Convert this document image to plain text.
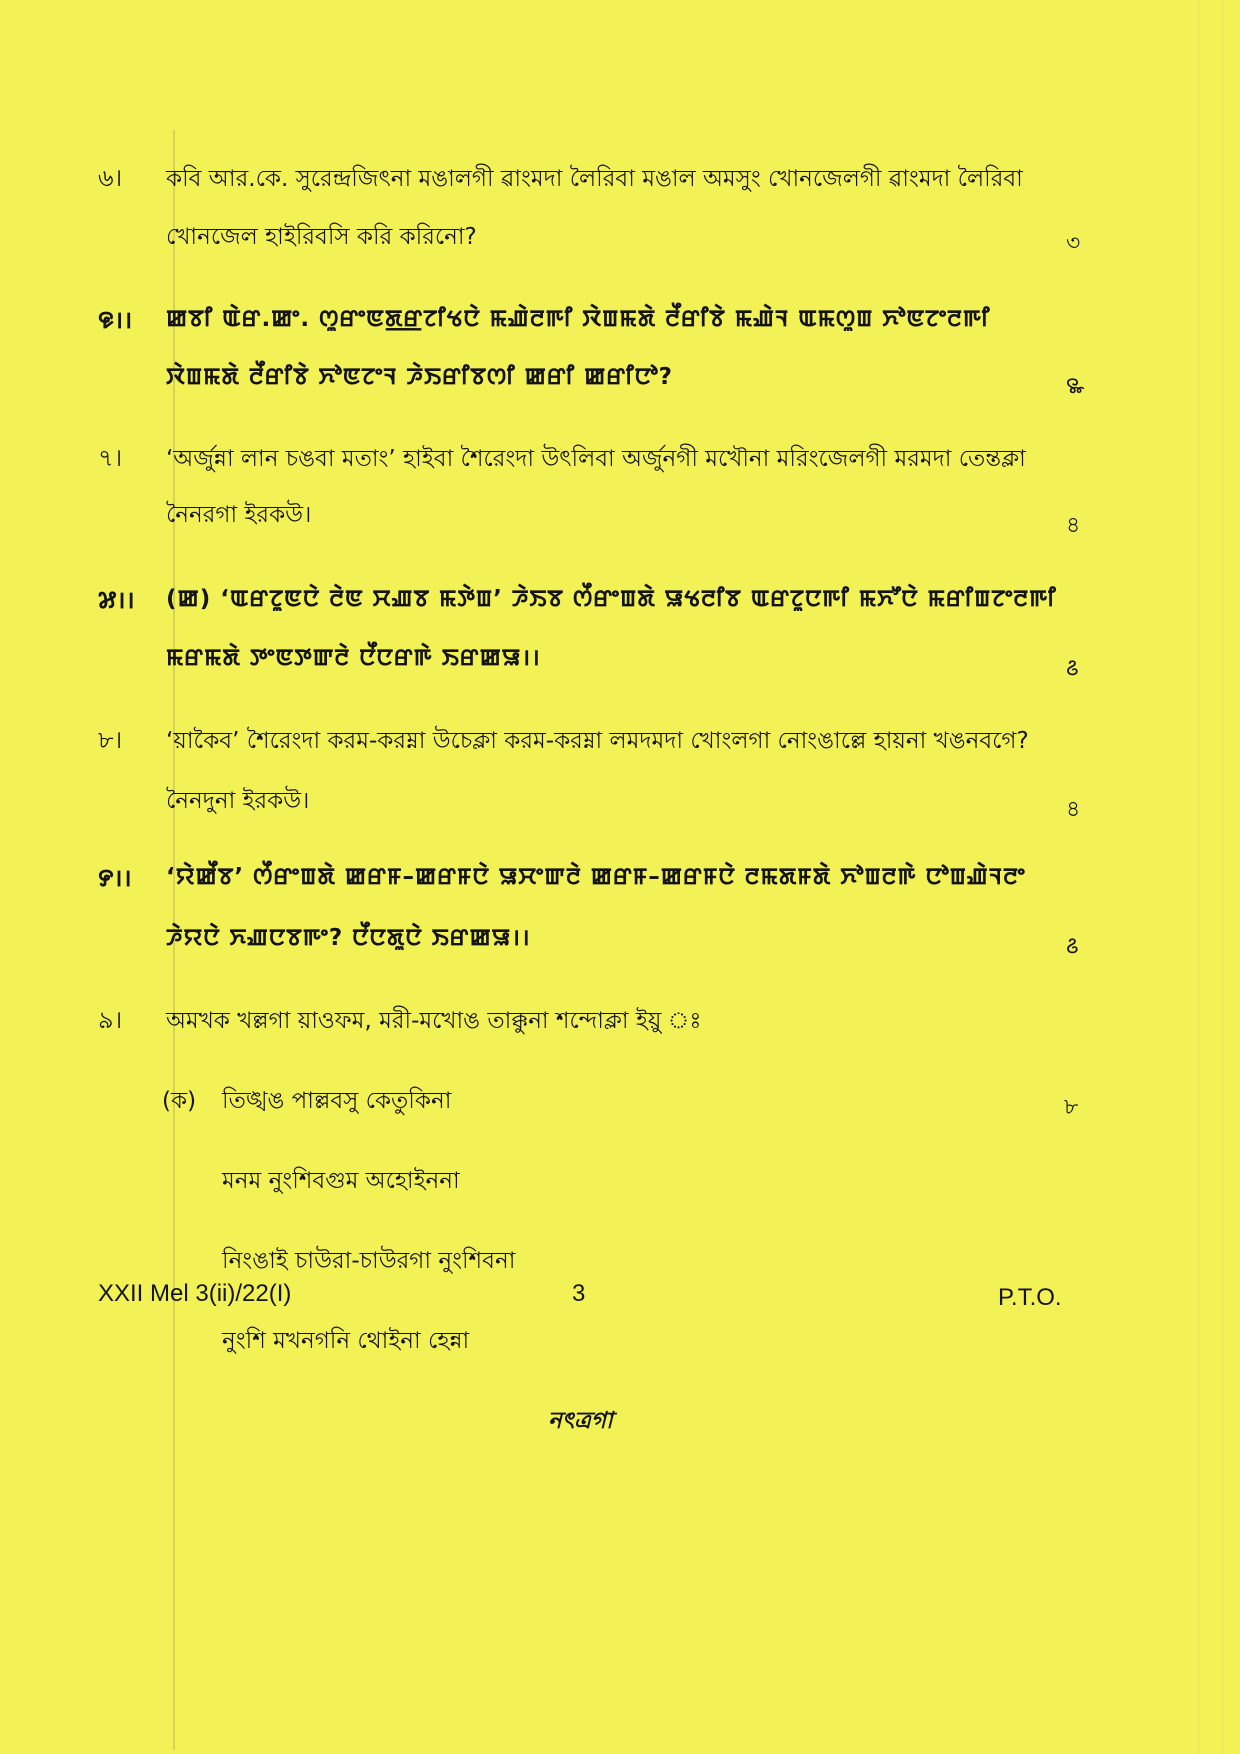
৬। কবি আর.কে. সুরেন্দ্রজিৎনা মঙালগী ৱাংমদা লৈরিবা মঙাল অমসুং খোনজেলগী ৱাংমদা লৈরিবা
খোনজেল হাইরিবসি করি করিনো?	৩
꯶।। ꯀꯕꯤ ꯑꯥꯔ.ꯀꯦ. ꯁꯨꯔꯦꯟꯗ꯭ꯔꯖꯤꯠꯅꯥ ꯃꯉꯥꯂꯒꯤ ꯋꯥꯡꯃꯗꯥ ꯂꯩꯔꯤꯕꯥ ꯃꯉꯥꯜ ꯑꯃꯁꯨꯡ ꯈꯣꯟꯖꯦꯂꯒꯤ
ꯋꯥꯡꯃꯗꯥ ꯂꯩꯔꯤꯕꯥ ꯈꯣꯟꯖꯦꯜ ꯍꯥꯏꯔꯤꯕꯁꯤ ꯀꯔꯤ ꯀꯔꯤꯅꯣ?	꯳
৭। ‘অর্জুন্না লান চঙবা মতাং’ হাইবা শৈরেংদা উৎলিবা অর্জুনগী মখৌনা মরিংজেলগী মরমদা তেন্তক্লা
নৈনরগা ইরকউ।	৪
꯷।। (ꯀ) ‘ꯑꯔꯖꯨꯟꯅꯥ ꯂꯥꯟ ꯆꯉꯕ ꯃꯇꯥꯡ’ ꯍꯥꯏꯕ ꯁꯩꯔꯦꯡꯗꯥ ꯎꯠꯂꯤꯕ ꯑꯔꯖꯨꯅꯒꯤ ꯃꯈꯧꯅꯥ ꯃꯔꯤꯡꯖꯦꯂꯒꯤ
ꯃꯔꯃꯗꯥ ꯇꯦꯟꯇꯛꯂꯥ ꯅꯩꯅꯔꯒꯥ ꯏꯔꯀꯎ।।	꯴
৮। ‘য়াকৈব’ শৈরেংদা করম-করম্না উচেক্লা করম-করম্না লমদমদা খোংলগা নোংঙাল্লে হায়না খঙনবগে?
নৈনদুনা ইরকউ।	৪
꯸।। ‘ꯌꯥꯀꯩꯕ’ ꯁꯩꯔꯦꯡꯗꯥ ꯀꯔꯝ–ꯀꯔꯝꯅꯥ ꯎꯆꯦꯛꯂꯥ ꯀꯔꯝ–ꯀꯔꯝꯅꯥ ꯂꯃꯗꯝꯗꯥ ꯈꯣꯡꯂꯒꯥ ꯅꯣꯡꯉꯥꯜꯂꯦ
ꯍꯥꯌꯅꯥ ꯈꯉꯅꯕꯒꯦ? ꯅꯩꯅꯗꯨꯅꯥ ꯏꯔꯀꯎ।।	꯴
৯। অমখক খল্লগা য়াওফম, মরী-মখোঙ তাক্কুনা শন্দোক্লা ইয়ু ঃ
(ক) তিঙ্খঙ পাল্লবসু কেতুকিনা	৮
মনম নুংশিবগুম অহোইননা
নিংঙাই চাউরা-চাউরগা নুংশিবনা
নুংশি মখনগনি থোইনা হেন্না
নৎত্রগা
XXII Mel 3(ii)/22(I)	3	P.T.O.
